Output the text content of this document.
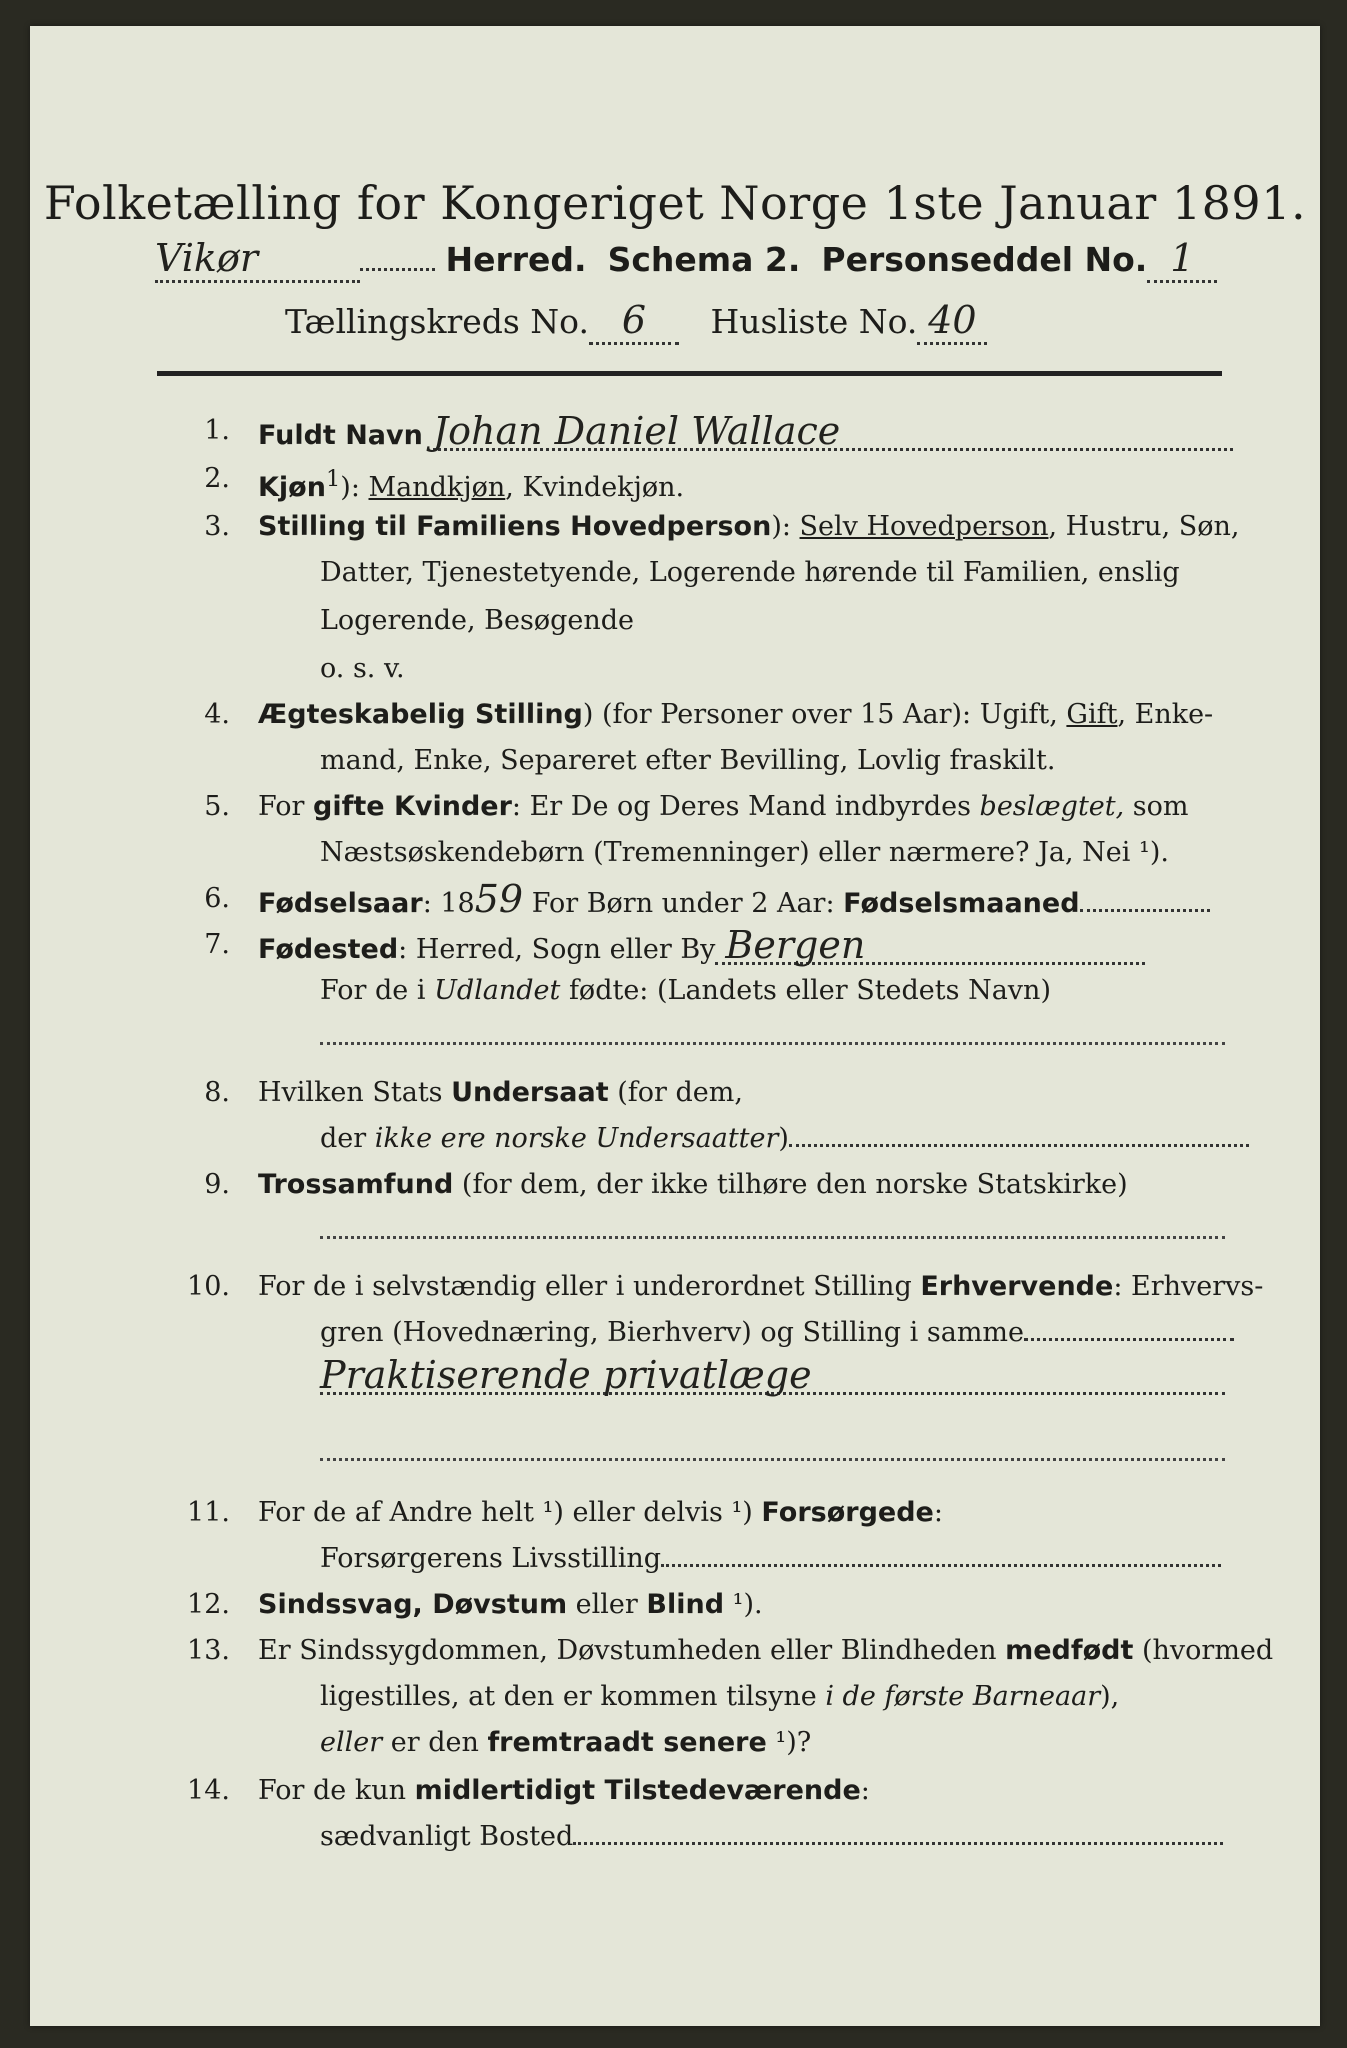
Folketælling for Kongeriget Norge 1ste Januar 1891.
Vikør	Herred. Schema 2. Personseddel No. 1
Tællingskreds No. 6 Husliste No. 40
1. Fuldt Navn Johan Daniel Wallace
2. Kjøn$^1$): Mandkjøn, Kvindekjøn.
3. Stilling til Familiens Hovedperson): Selv Hovedperson, Hustru, Søn,
Datter, Tjenestetyende, Logerende hørende til Familien, enslig
Logerende, Besøgende
o. s. v.
4. Ægteskabelig Stilling) (for Personer over 15 Aar): Ugift, Gift, Enke-
mand, Enke, Separeret efter Bevilling, Lovlig fraskilt.
5. For gifte Kvinder: Er De og Deres Mand indbyrdes beslægtet, som
Næstsøskendebørn (Tremenninger) eller nærmere? Ja, Nei ¹).
6. Fødselsaar: 1859 For Børn under 2 Aar: Fødselsmaaned
7. Fødested: Herred, Sogn eller By Bergen
For de i Udlandet fødte: (Landets eller Stedets Navn)
8. Hvilken Stats Undersaat (for dem,
der ikke ere norske Undersaatter)
9. Trossamfund (for dem, der ikke tilhøre den norske Statskirke)
10. For de i selvstændig eller i underordnet Stilling Erhvervende: Erhvervs-
gren (Hovednæring, Bierhverv) og Stilling i samme
Praktiserende privatlæge
11. For de af Andre helt ¹) eller delvis ¹) Forsørgede:
Forsørgerens Livsstilling
12. Sindssvag, Døvstum eller Blind ¹).
13. Er Sindssygdommen, Døvstumheden eller Blindheden medfødt (hvormed
ligestilles, at den er kommen tilsyne i de første Barneaar),
eller er den fremtraadt senere ¹)?
14. For de kun midlertidigt Tilstedeværende:
sædvanligt Bosted
